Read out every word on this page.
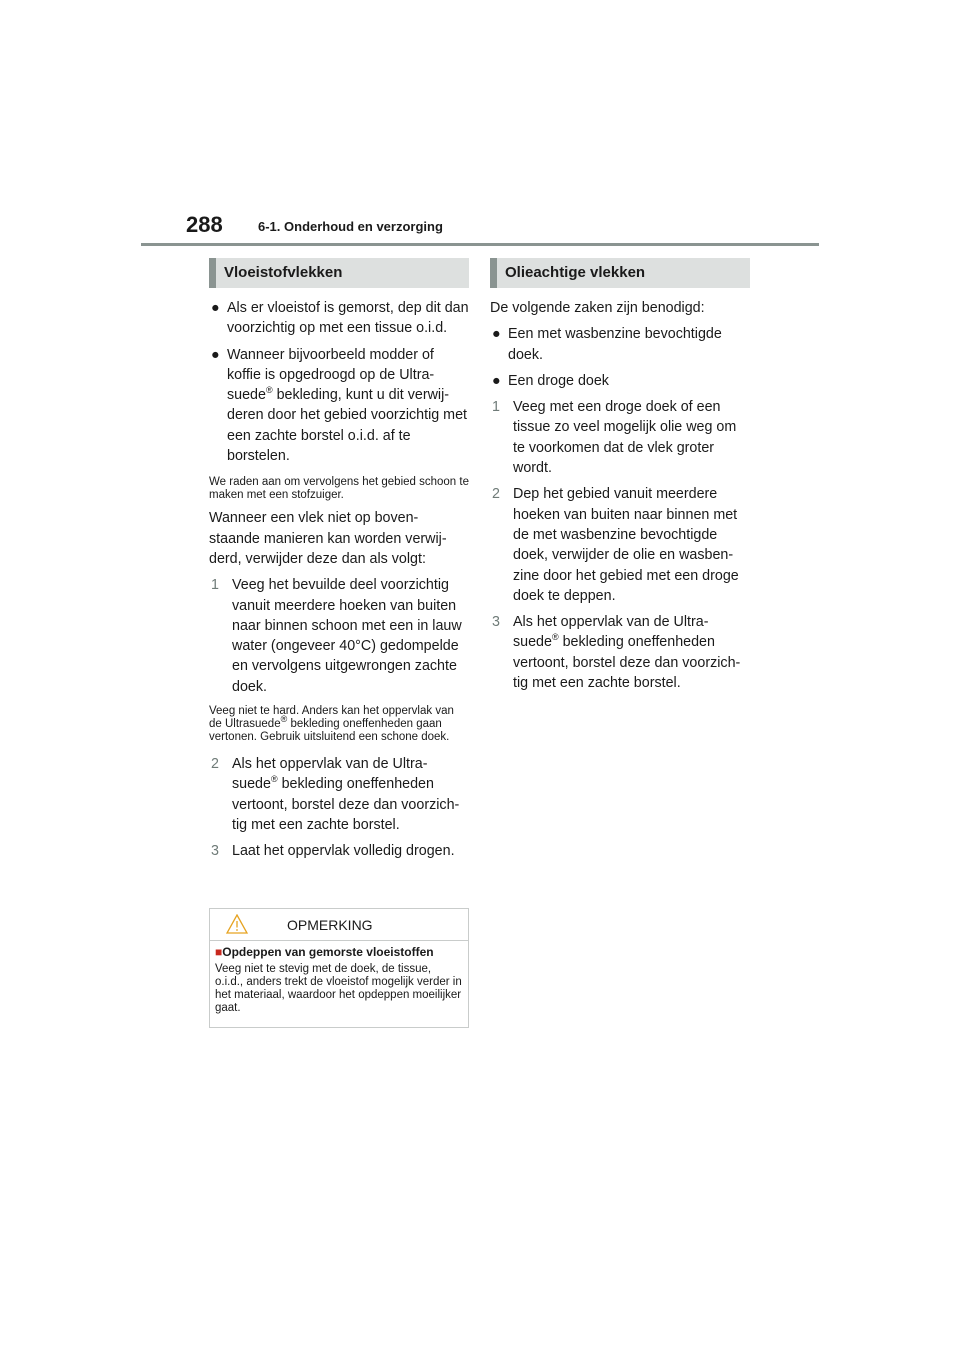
288	6-1. Onderhoud en verzorging
Vloeistofvlekken

● Als er vloeistof is gemorst, dep dit dan voorzichtig op met een tissue o.i.d.

● Wanneer bijvoorbeeld modder of koffie is opgedroogd op de Ultra-suede® bekleding, kunt u dit verwij-deren door het gebied voorzichtig met een zachte borstel o.i.d. af te borstelen.

We raden aan om vervolgens het gebied schoon te maken met een stofzuiger.

Wanneer een vlek niet op boven-staande manieren kan worden verwij-derd, verwijder deze dan als volgt:

1 Veeg het bevuilde deel voorzichtig vanuit meerdere hoeken van buiten naar binnen schoon met een in lauw water (ongeveer 40°C) gedompelde en vervolgens uitgewrongen zachte doek.

Veeg niet te hard. Anders kan het oppervlak van de Ultrasuede® bekleding oneffenheden gaan vertonen. Gebruik uitsluitend een schone doek.

2 Als het oppervlak van de Ultra-suede® bekleding oneffenheden vertoont, borstel deze dan voorzich-tig met een zachte borstel.

3 Laat het oppervlak volledig drogen.

OPMERKING

■Opdeppen van gemorste vloeistoffen

Veeg niet te stevig met de doek, de tissue, o.i.d., anders trekt de vloeistof mogelijk verder in het materiaal, waardoor het opdeppen moeilijker gaat.

Olieachtige vlekken

De volgende zaken zijn benodigd:

● Een met wasbenzine bevochtigde doek.

● Een droge doek

1 Veeg met een droge doek of een tissue zo veel mogelijk olie weg om te voorkomen dat de vlek groter wordt.

2 Dep het gebied vanuit meerdere hoeken van buiten naar binnen met de met wasbenzine bevochtigde doek, verwijder de olie en wasben-zine door het gebied met een droge doek te deppen.

3 Als het oppervlak van de Ultra-suede® bekleding oneffenheden vertoont, borstel deze dan voorzich-tig met een zachte borstel.
